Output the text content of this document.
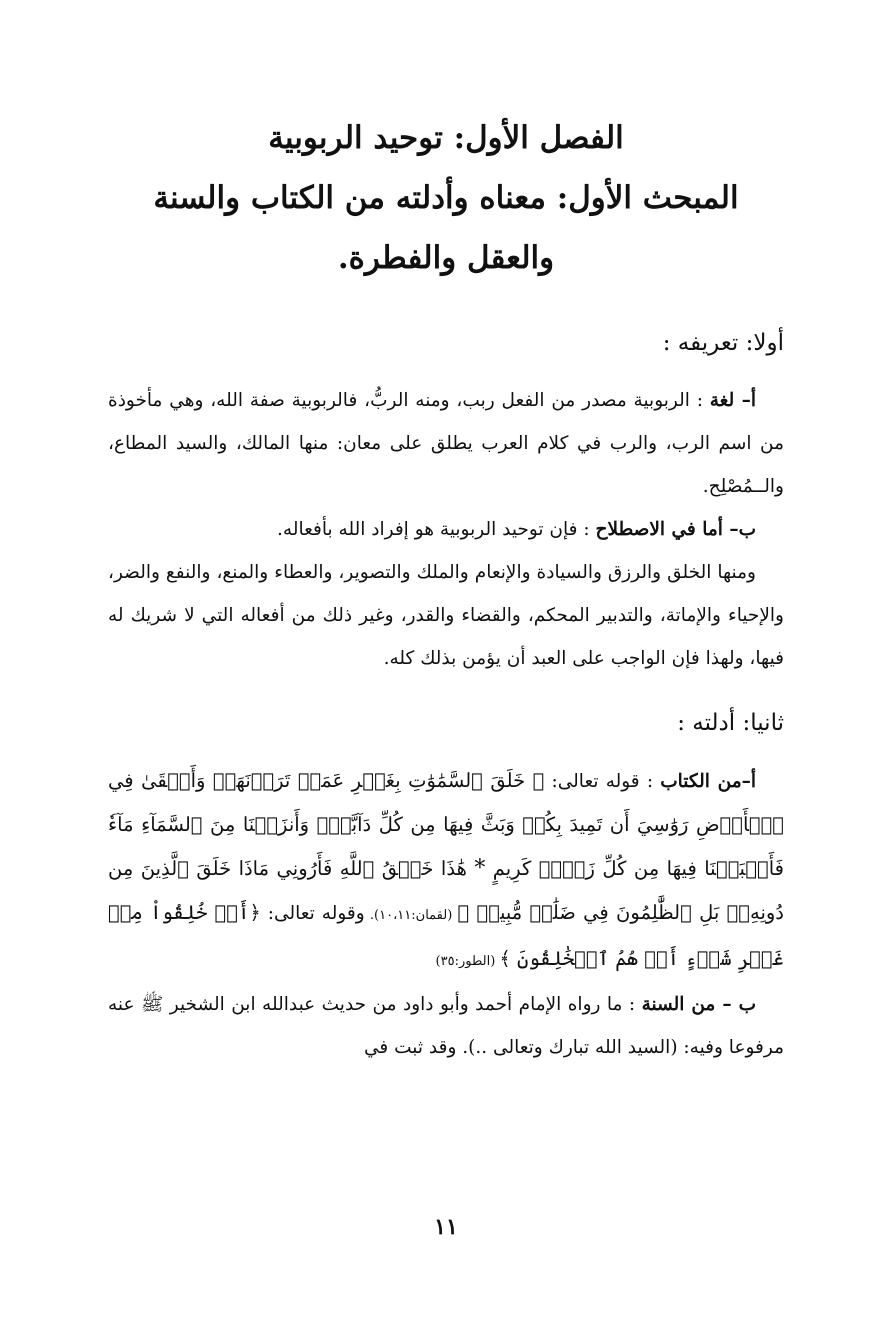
الفصل الأول: توحيد الربوبية

المبحث الأول: معناه وأدلته من الكتاب والسنة

والعقل والفطرة.

أولا: تعريفه :

أ– لغة : الربوبية مصدر من الفعل ربب، ومنه الربُّ، فالربوبية صفة الله، وهي مأخوذة من اسم الرب، والرب في كلام العرب يطلق على معان: منها المالك، والسيد المطاع، والــمُصْلِح.

ب– أما في الاصطلاح : فإن توحيد الربوبية هو إفراد الله بأفعاله.

ومنها الخلق والرزق والسيادة والإنعام والملك والتصوير، والعطاء والمنع، والنفع والضر، والإحياء والإماتة، والتدبير المحكم، والقضاء والقدر، وغير ذلك من أفعاله التي لا شريك له فيها، ولهذا فإن الواجب على العبد أن يؤمن بذلك كله.

ثانيا: أدلته :

أ–من الكتاب : قوله تعالى: ﴿ خَلَقَ ٱلسَّمَٰوَٰتِ بِغَيۡرِ عَمَدٖ تَرَوۡنَهَاۖ وَأَلۡقَىٰ فِي ٱلۡأَرۡضِ رَوَٰسِيَ أَن تَمِيدَ بِكُمۡ وَبَثَّ فِيهَا مِن كُلِّ دَآبَّةٖۚ وَأَنزَلۡنَا مِنَ ٱلسَّمَآءِ مَآءٗ فَأَنۢبَتۡنَا فِيهَا مِن كُلِّ زَوۡجٖ كَرِيمٍ * هَٰذَا خَلۡقُ ٱللَّهِ فَأَرُونِي مَاذَا خَلَقَ ٱلَّذِينَ مِن دُونِهِۦۚ بَلِ ٱلظَّٰلِمُونَ فِي ضَلَٰلٖ مُّبِينٖ ﴾ (لقمان:١٠،١١). وقوله تعالى: ﴿أَمۡ خُلِقُواْ مِنۡ غَيۡرِ شَيۡءٍ أَمۡ هُمُ ٱلۡخَٰلِقُونَ ﴾ (الطور:٣٥)

ب – من السنة : ما رواه الإمام أحمد وأبو داود من حديث عبدالله ابن الشخير ﷺ عنه مرفوعا وفيه: (السيد الله تبارك وتعالى ..). وقد ثبت في

١١
